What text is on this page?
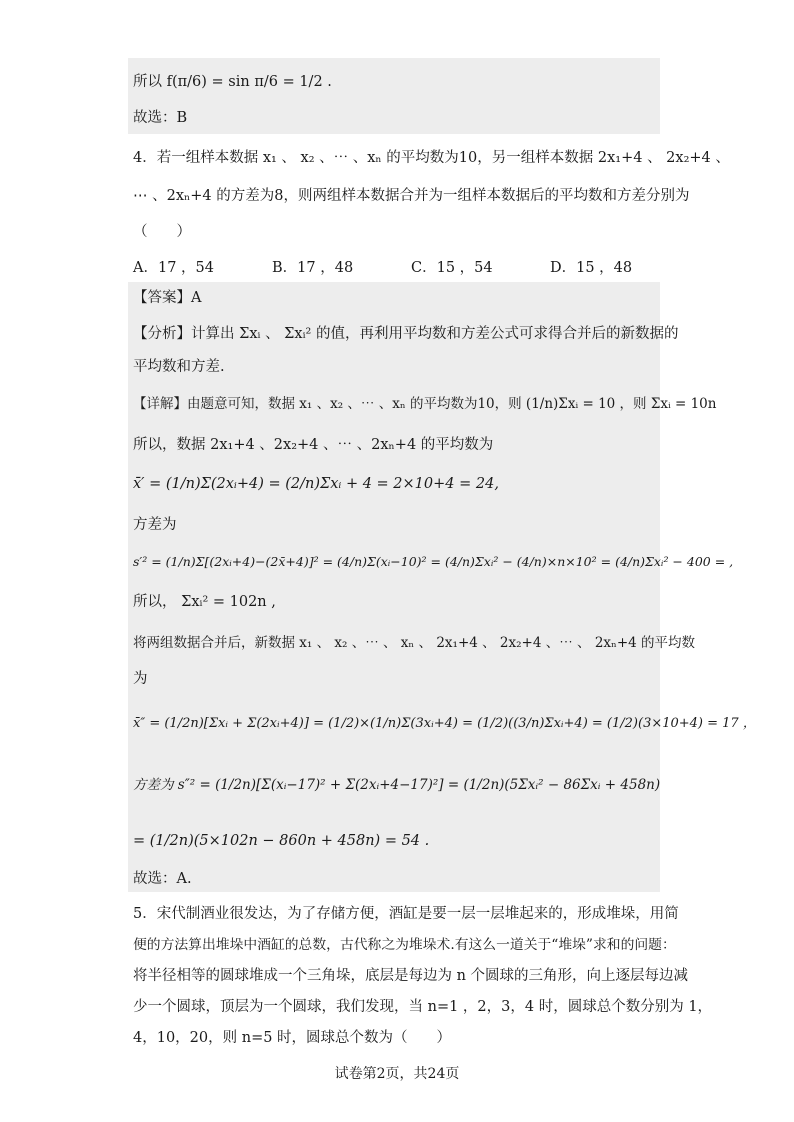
所以 f(π/6) = sin π/6 = 1/2 .
故选：B
4．若一组样本数据 x₁ 、 x₂ 、⋯ 、xₙ 的平均数为10，另一组样本数据 2x₁+4 、 2x₂+4 、
⋯ 、2xₙ+4 的方差为8，则两组样本数据合并为一组样本数据后的平均数和方差分别为
（　　）
A．17 ，54	B．17 ，48	C．15 ，54	D．15 ，48
【答案】A
【分析】计算出 Σxᵢ 、 Σxᵢ² 的值，再利用平均数和方差公式可求得合并后的新数据的
平均数和方差.
【详解】由题意可知，数据 x₁ 、x₂ 、⋯ 、xₙ 的平均数为10，则 (1/n)Σxᵢ = 10 ，则 Σxᵢ = 10n
所以，数据 2x₁+4 、2x₂+4 、⋯ 、2xₙ+4 的平均数为
x̄′ = (1/n)Σ(2xᵢ+4) = (2/n)Σxᵢ + 4 = 2×10+4 = 24,
方差为
s′² = (1/n)Σ[(2xᵢ+4)−(2x̄+4)]² = (4/n)Σ(xᵢ−10)² = (4/n)Σxᵢ² − (4/n)×n×10² = (4/n)Σxᵢ² − 400 = ,
所以， Σxᵢ² = 102n ,
将两组数据合并后，新数据 x₁ 、 x₂ 、⋯ 、 xₙ 、 2x₁+4 、 2x₂+4 、⋯ 、 2xₙ+4 的平均数
为
x̄″ = (1/2n)[Σxᵢ + Σ(2xᵢ+4)] = (1/2)×(1/n)Σ(3xᵢ+4) = (1/2)((3/n)Σxᵢ+4) = (1/2)(3×10+4) = 17 ，
方差为 s″² = (1/2n)[Σ(xᵢ−17)² + Σ(2xᵢ+4−17)²] = (1/2n)(5Σxᵢ² − 86Σxᵢ + 458n)
= (1/2n)(5×102n − 860n + 458n) = 54 .
故选：A.
5．宋代制酒业很发达，为了存储方便，酒缸是要一层一层堆起来的，形成堆垛，用简
便的方法算出堆垛中酒缸的总数，古代称之为堆垛术.有这么一道关于“堆垛”求和的问题：
将半径相等的圆球堆成一个三角垛，底层是每边为 n 个圆球的三角形，向上逐层每边减
少一个圆球，顶层为一个圆球，我们发现，当 n=1 ，2，3，4 时，圆球总个数分别为 1，
4，10，20，则 n=5 时，圆球总个数为（　　）
试卷第2页，共24页
